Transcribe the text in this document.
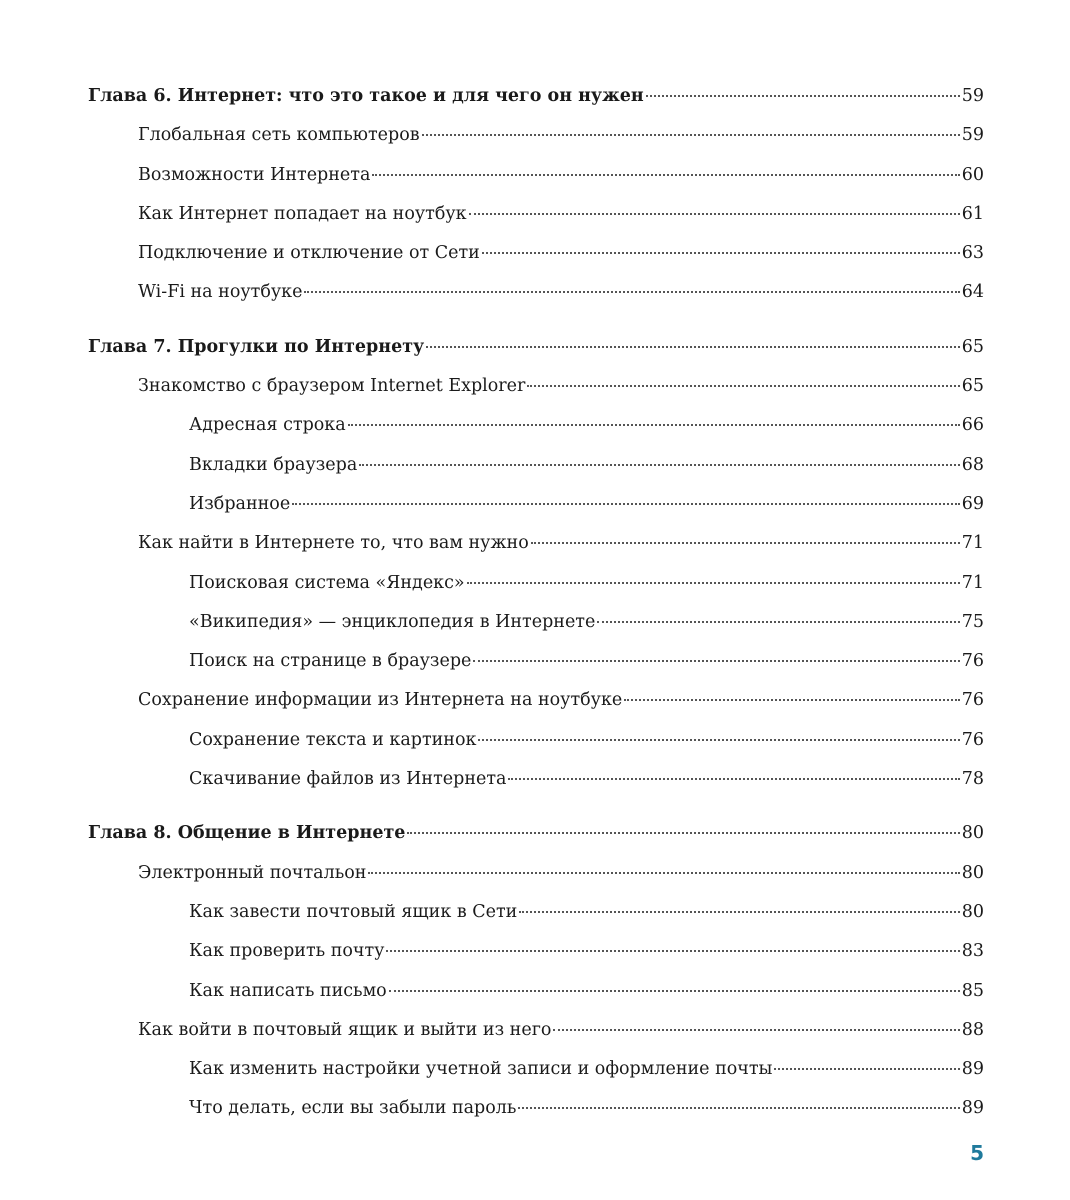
Глава 6. Интернет: что это такое и для чего он нужен	59
Глобальная сеть компьютеров	59
Возможности Интернета	60
Как Интернет попадает на ноутбук	61
Подключение и отключение от Сети	63
Wi-Fi на ноутбуке	64
Глава 7. Прогулки по Интернету	65
Знакомство с браузером Internet Explorer	65
Адресная строка	66
Вкладки браузера	68
Избранное	69
Как найти в Интернете то, что вам нужно	71
Поисковая система «Яндекс»	71
«Википедия» — энциклопедия в Интернете	75
Поиск на странице в браузере	76
Сохранение информации из Интернета на ноутбуке	76
Сохранение текста и картинок	76
Скачивание файлов из Интернета	78
Глава 8. Общение в Интернете	80
Электронный почтальон	80
Как завести почтовый ящик в Сети	80
Как проверить почту	83
Как написать письмо	85
Как войти в почтовый ящик и выйти из него	88
Как изменить настройки учетной записи и оформление почты	89
Что делать, если вы забыли пароль	89
5
